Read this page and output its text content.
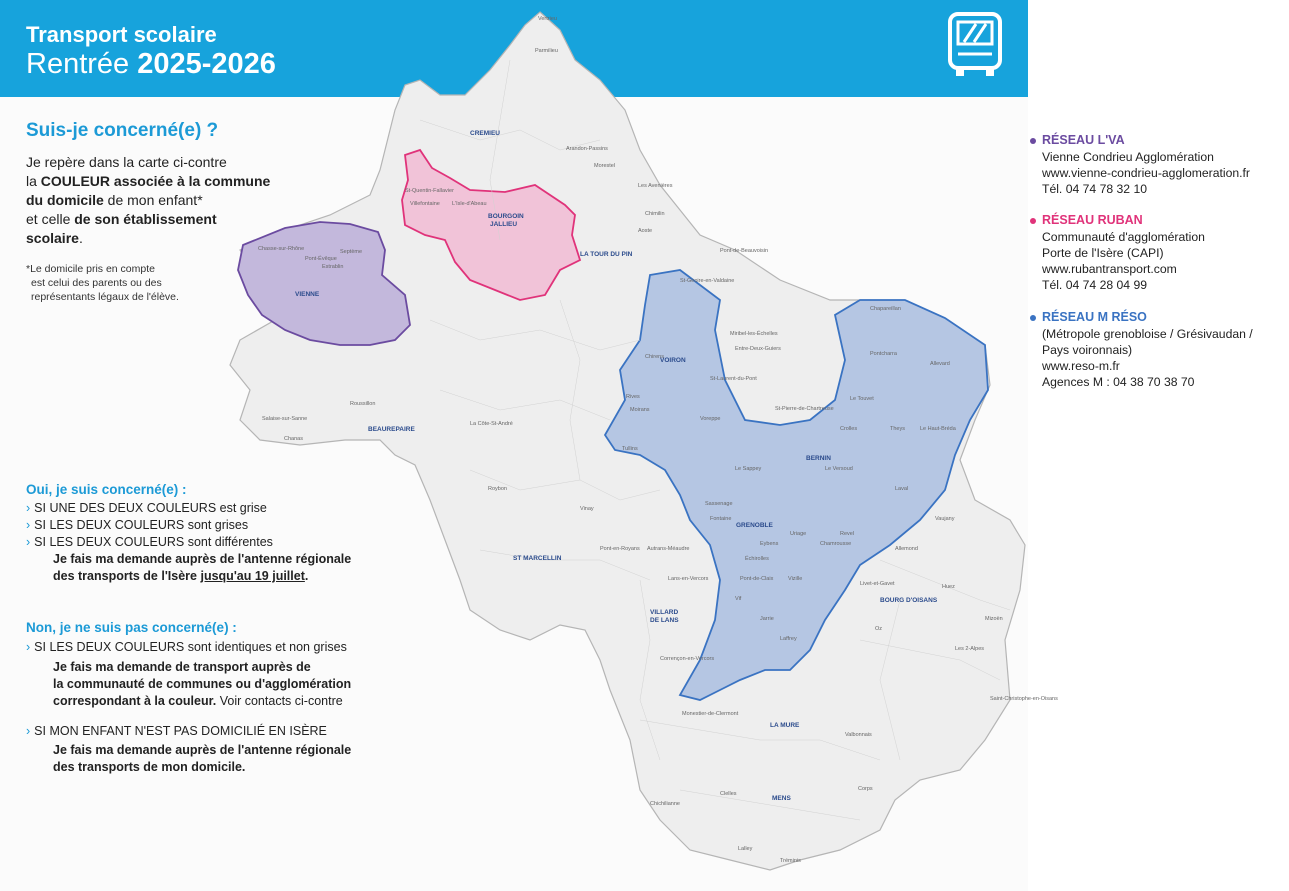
Transport scolaire
Rentrée 2025-2026
Antenne régionale
des transports de l'Isère
Transport scolaire - CS 44852
38019 GRENO BLE CEDEX 1
Tél. 04 8000 7000 (appel non surtaxé)
Suis-je concerné(e) ?
Je repère dans la carte ci-contre
la COULEUR associée à la commune
du domicile de mon enfant*
et celle de son établissement
scolaire.
*Le domicile pris en compte
est celui des parents ou des
représentants légaux de l'élève.
Oui, je suis concerné(e) :
› SI UNE DES DEUX COULEURS est grise
› SI LES DEUX COULEURS sont grises
› SI LES DEUX COULEURS sont différentes
Je fais ma demande auprès de l'antenne régionale
des transports de l'Isère jusqu'au 19 juillet.
Non, je ne suis pas concerné(e) :
› SI LES DEUX COULEURS sont identiques et non grises
Je fais ma demande de transport auprès de
la communauté de communes ou d'agglomération
correspondant à la couleur. Voir contacts ci-contre
› SI MON ENFANT N'EST PAS DOMICILIÉ EN ISÈRE
Je fais ma demande auprès de l'antenne régionale
des transports de mon domicile.
RÉSEAU L'VA
Vienne Condrieu Agglomération
www.vienne-condrieu-agglomeration.fr
Tél. 04 74 78 32 10
RÉSEAU RUBAN
Communauté d'agglomération
Porte de l'Isère (CAPI)
www.rubantransport.com
Tél. 04 74 28 04 99
RÉSEAU M RÉSO
(Métropole grenobloise / Grésivaudan /
Pays voironnais)
www.reso-m.fr
Agences M : 04 38 70 38 70
CREMIEU
BOURGOIN
JALLIEU
LA TOUR DU PIN
VIENNE
BEAUREPAIRE
VOIRON
BERNIN
GRENOBLE
ST MARCELLIN
VILLARD
DE LANS
BOURG D'OISANS
LA MURE
MENS
Vertrieu
Parmilieu
Arandon-Passins
Morestel
Les Avenières
Chimilin
Aoste
Pont-de-Beauvoisin
St-Geoire-en-Valdaine
Chirens
Voreppe
Rives
Moirans
Tullins
Vinay
Sassenage
Fontaine
Vif
Vizille
Le Versoud
Crolles
Le Touvet
Pontcharra
Allevard
Chapareillan
Roussillon
Salaise-sur-Sanne
Chanas
Pont-Évêque
Estrablin
Septème
Chasse-sur-Rhône
Villefontaine
St-Quentin-Fallavier
L'Isle-d'Abeau
La Côte-St-André
Roybon
Pont-en-Royans Autrans-Méaudre
Lans-en-Vercors
Corrençon-en-Vercors
Monestier-de-Clermont
Clelles
Chichilianne
Tréminis
Lalley
Valbonnais
Corps
Laffrey
Allemond
Vaujany
Huez
Mizoën
Les 2-Alpes
Saint-Christophe-en-Oisans
Chamrousse
Livet-et-Gavet
Oz
Le Sappey
St-Pierre-de-Chartreuse
St-Laurent-du-Pont
Entre-Deux-Guiers
Miribel-les-Échelles
Theys
Laval
Revel
Uriage
Eybens
Échirolles
Pont-de-Claix
Jarrie
Le Haut-Bréda
